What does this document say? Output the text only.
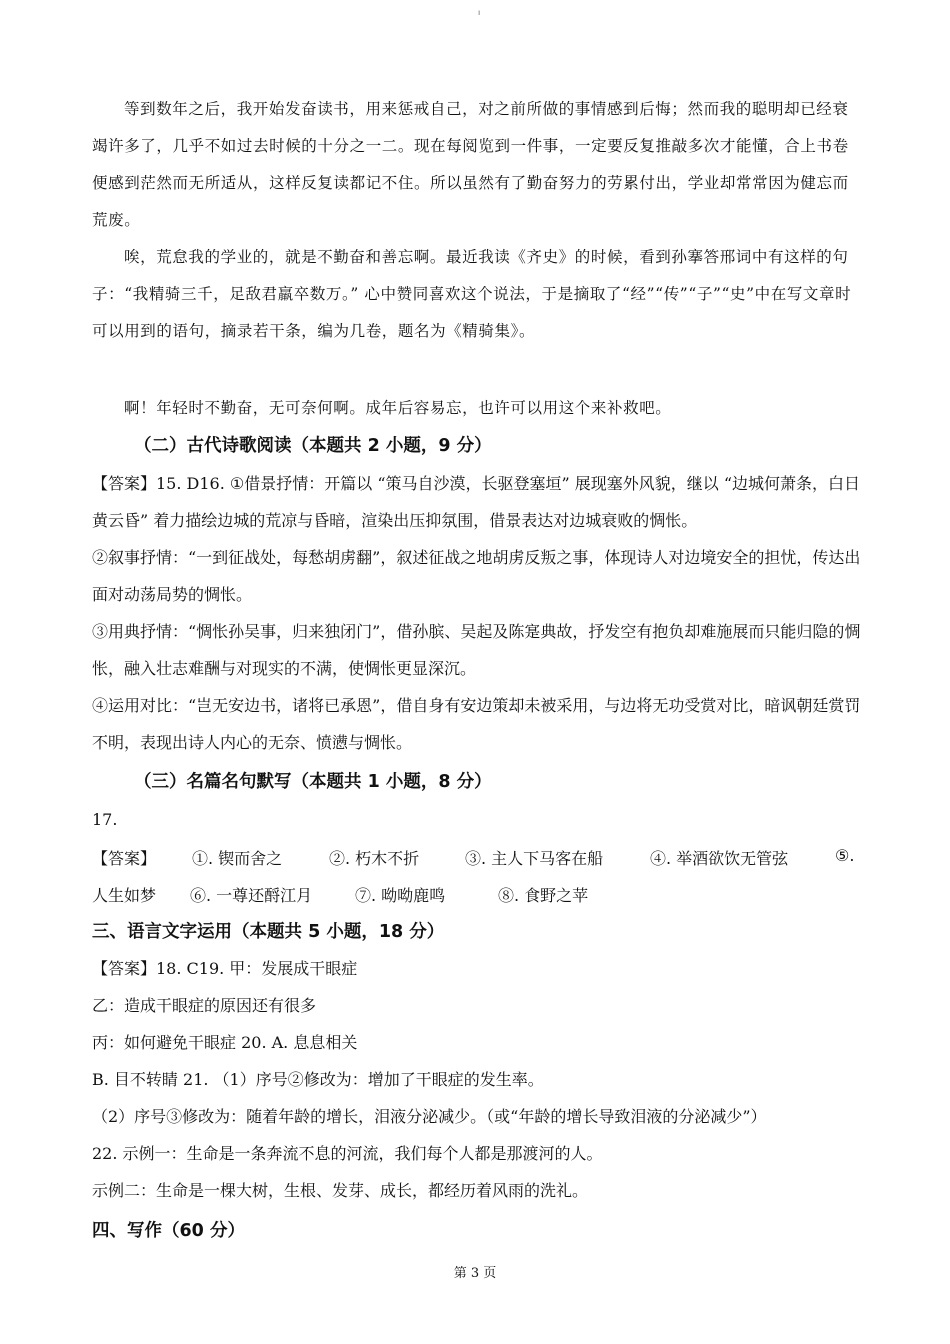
ı

等到数年之后，我开始发奋读书，用来惩戒自己，对之前所做的事情感到后悔；然而我的聪明却已经衰竭许多了，几乎不如过去时候的十分之一二。现在每阅览到一件事，一定要反复推敲多次才能懂，合上书卷便感到茫然而无所适从，这样反复读都记不住。所以虽然有了勤奋努力的劳累付出，学业却常常因为健忘而荒废。

唉，荒怠我的学业的，就是不勤奋和善忘啊。最近我读《齐史》的时候，看到孙搴答邢词中有这样的句子：“我精骑三千，足敌君羸卒数万。” 心中赞同喜欢这个说法，于是摘取了“经”“传”“子”“史”中在写文章时可以用到的语句，摘录若干条，编为几卷，题名为《精骑集》。

啊！年轻时不勤奋，无可奈何啊。成年后容易忘，也许可以用这个来补救吧。

（二）古代诗歌阅读（本题共 2 小题，9 分）

【答案】15. D16. ①借景抒情：开篇以 “策马自沙漠，长驱登塞垣” 展现塞外风貌，继以 “边城何萧条，白日黄云昏” 着力描绘边城的荒凉与昏暗，渲染出压抑氛围，借景表达对边城衰败的惆怅。

②叙事抒情：“一到征战处，每愁胡虏翻”，叙述征战之地胡虏反叛之事，体现诗人对边境安全的担忧，传达出面对动荡局势的惆怅。

③用典抒情：“惆怅孙吴事，归来独闭门”，借孙膑、吴起及陈寔典故，抒发空有抱负却难施展而只能归隐的惆怅，融入壮志难酬与对现实的不满，使惆怅更显深沉。

④运用对比：“岂无安边书，诸将已承恩”，借自身有安边策却未被采用，与边将无功受赏对比，暗讽朝廷赏罚不明，表现出诗人内心的无奈、愤懑与惆怅。

（三）名篇名句默写（本题共 1 小题，8 分）
17.
【答案】 ①. 锲而舍之	②. 朽木不折	③. 主人下马客在船	④. 举酒欲饮无管弦	⑤.
人生如梦 ⑥. 一尊还酹江月	⑦. 呦呦鹿鸣	⑧. 食野之苹
三、语言文字运用（本题共 5 小题，18 分）

【答案】18. C19. 甲：发展成干眼症

乙：造成干眼症的原因还有很多

丙：如何避免干眼症 20. A. 息息相关

B. 目不转睛 21. （1）序号②修改为：增加了干眼症的发生率。

（2）序号③修改为：随着年龄的增长，泪液分泌减少。（或“年龄的增长导致泪液的分泌减少”）

22. 示例一：生命是一条奔流不息的河流，我们每个人都是那渡河的人。

示例二：生命是一棵大树，生根、发芽、成长，都经历着风雨的洗礼。

四、写作（60 分）
第 3 页
